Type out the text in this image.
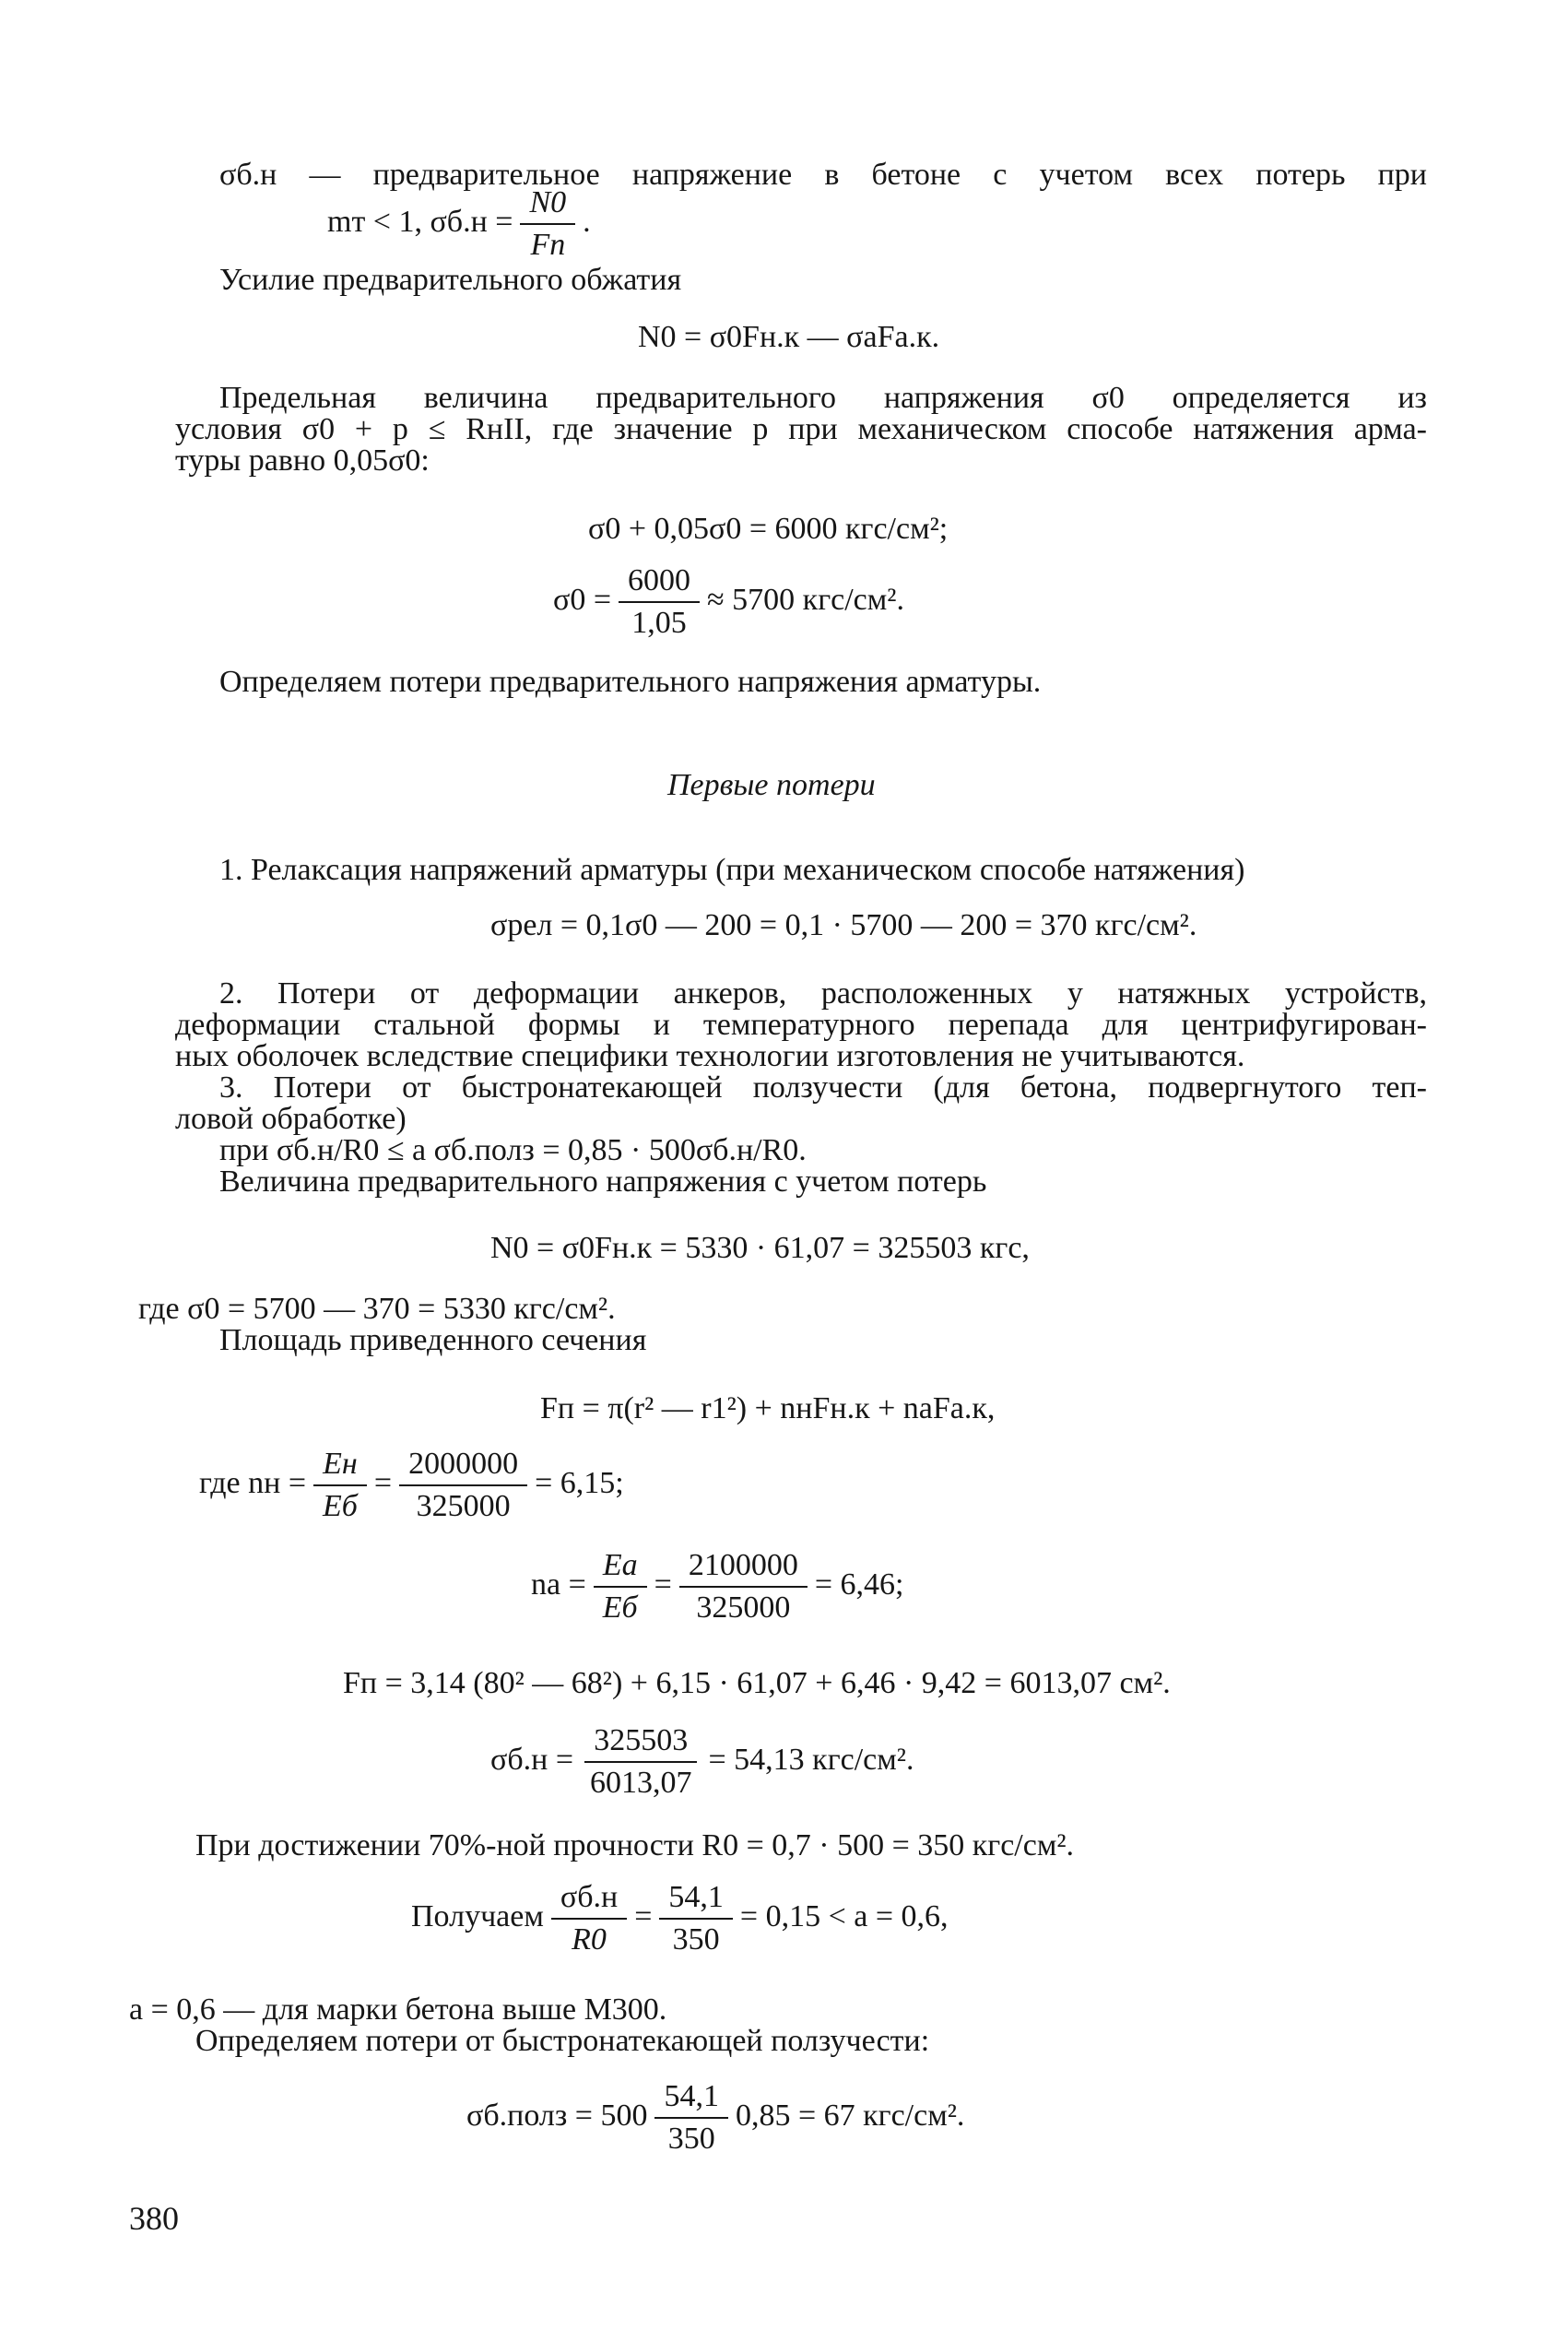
σб.н — предварительное напряжение в бетоне с учетом всех потерь при
mт < 1, $\sigma б.н = \frac{N0}{Fп}$ .
Усилие предварительного обжатия
N0 = σ0Fн.к — σaFа.к.
Предельная величина предварительного напряжения σ0 определяется из
условия σ0 + p ≤ RнII, где значение p при механическом способе натяжения арма-
туры равно 0,05σ0:
σ0 + 0,05σ0 = 6000 кгс/см²;
$\sigma 0 = \frac{6000}{1,05} \approx 5700$ кгс/см².
Определяем потери предварительного напряжения арматуры.
Первые потери
1. Релаксация напряжений арматуры (при механическом способе натяжения)
σрел = 0,1σ0 — 200 = 0,1 · 5700 — 200 = 370 кгс/см².
2. Потери от деформации анкеров, расположенных у натяжных устройств,
деформации стальной формы и температурного перепада для центрифугирован-
ных оболочек вследствие специфики технологии изготовления не учитываются.
3. Потери от быстронатекающей ползучести (для бетона, подвергнутого теп-
ловой обработке)
при σб.н/R0 ≤ a σб.полз = 0,85 · 500σб.н/R0.
Величина предварительного напряжения с учетом потерь
N0 = σ0Fн.к = 5330 · 61,07 = 325503 кгс,
где σ0 = 5700 — 370 = 5330 кгс/см².
Площадь приведенного сечения
Fп = π(r² — r1²) + nнFн.к + naFа.к,
где nн = $\frac{Eн}{Eб} = \frac{2000000}{325000} = 6,15$;
na = $\frac{Ea}{Eб} = \frac{2100000}{325000} = 6,46$;
Fп = 3,14 (80² — 68²) + 6,15 · 61,07 + 6,46 · 9,42 = 6013,07 см².
$\sigma б.н = \frac{325503}{6013,07} = 54,13$ кгс/см².
При достижении 70%-ной прочности R0 = 0,7 · 500 = 350 кгс/см².
Получаем $\frac{\sigma б.н}{R0} = \frac{54,1}{350} = 0,15 < a = 0,6$,
a = 0,6 — для марки бетона выше М300.
Определяем потери от быстронатекающей ползучести:
σб.полз = $500 \frac{54,1}{350} 0,85 = 67$ кгс/см².
380
